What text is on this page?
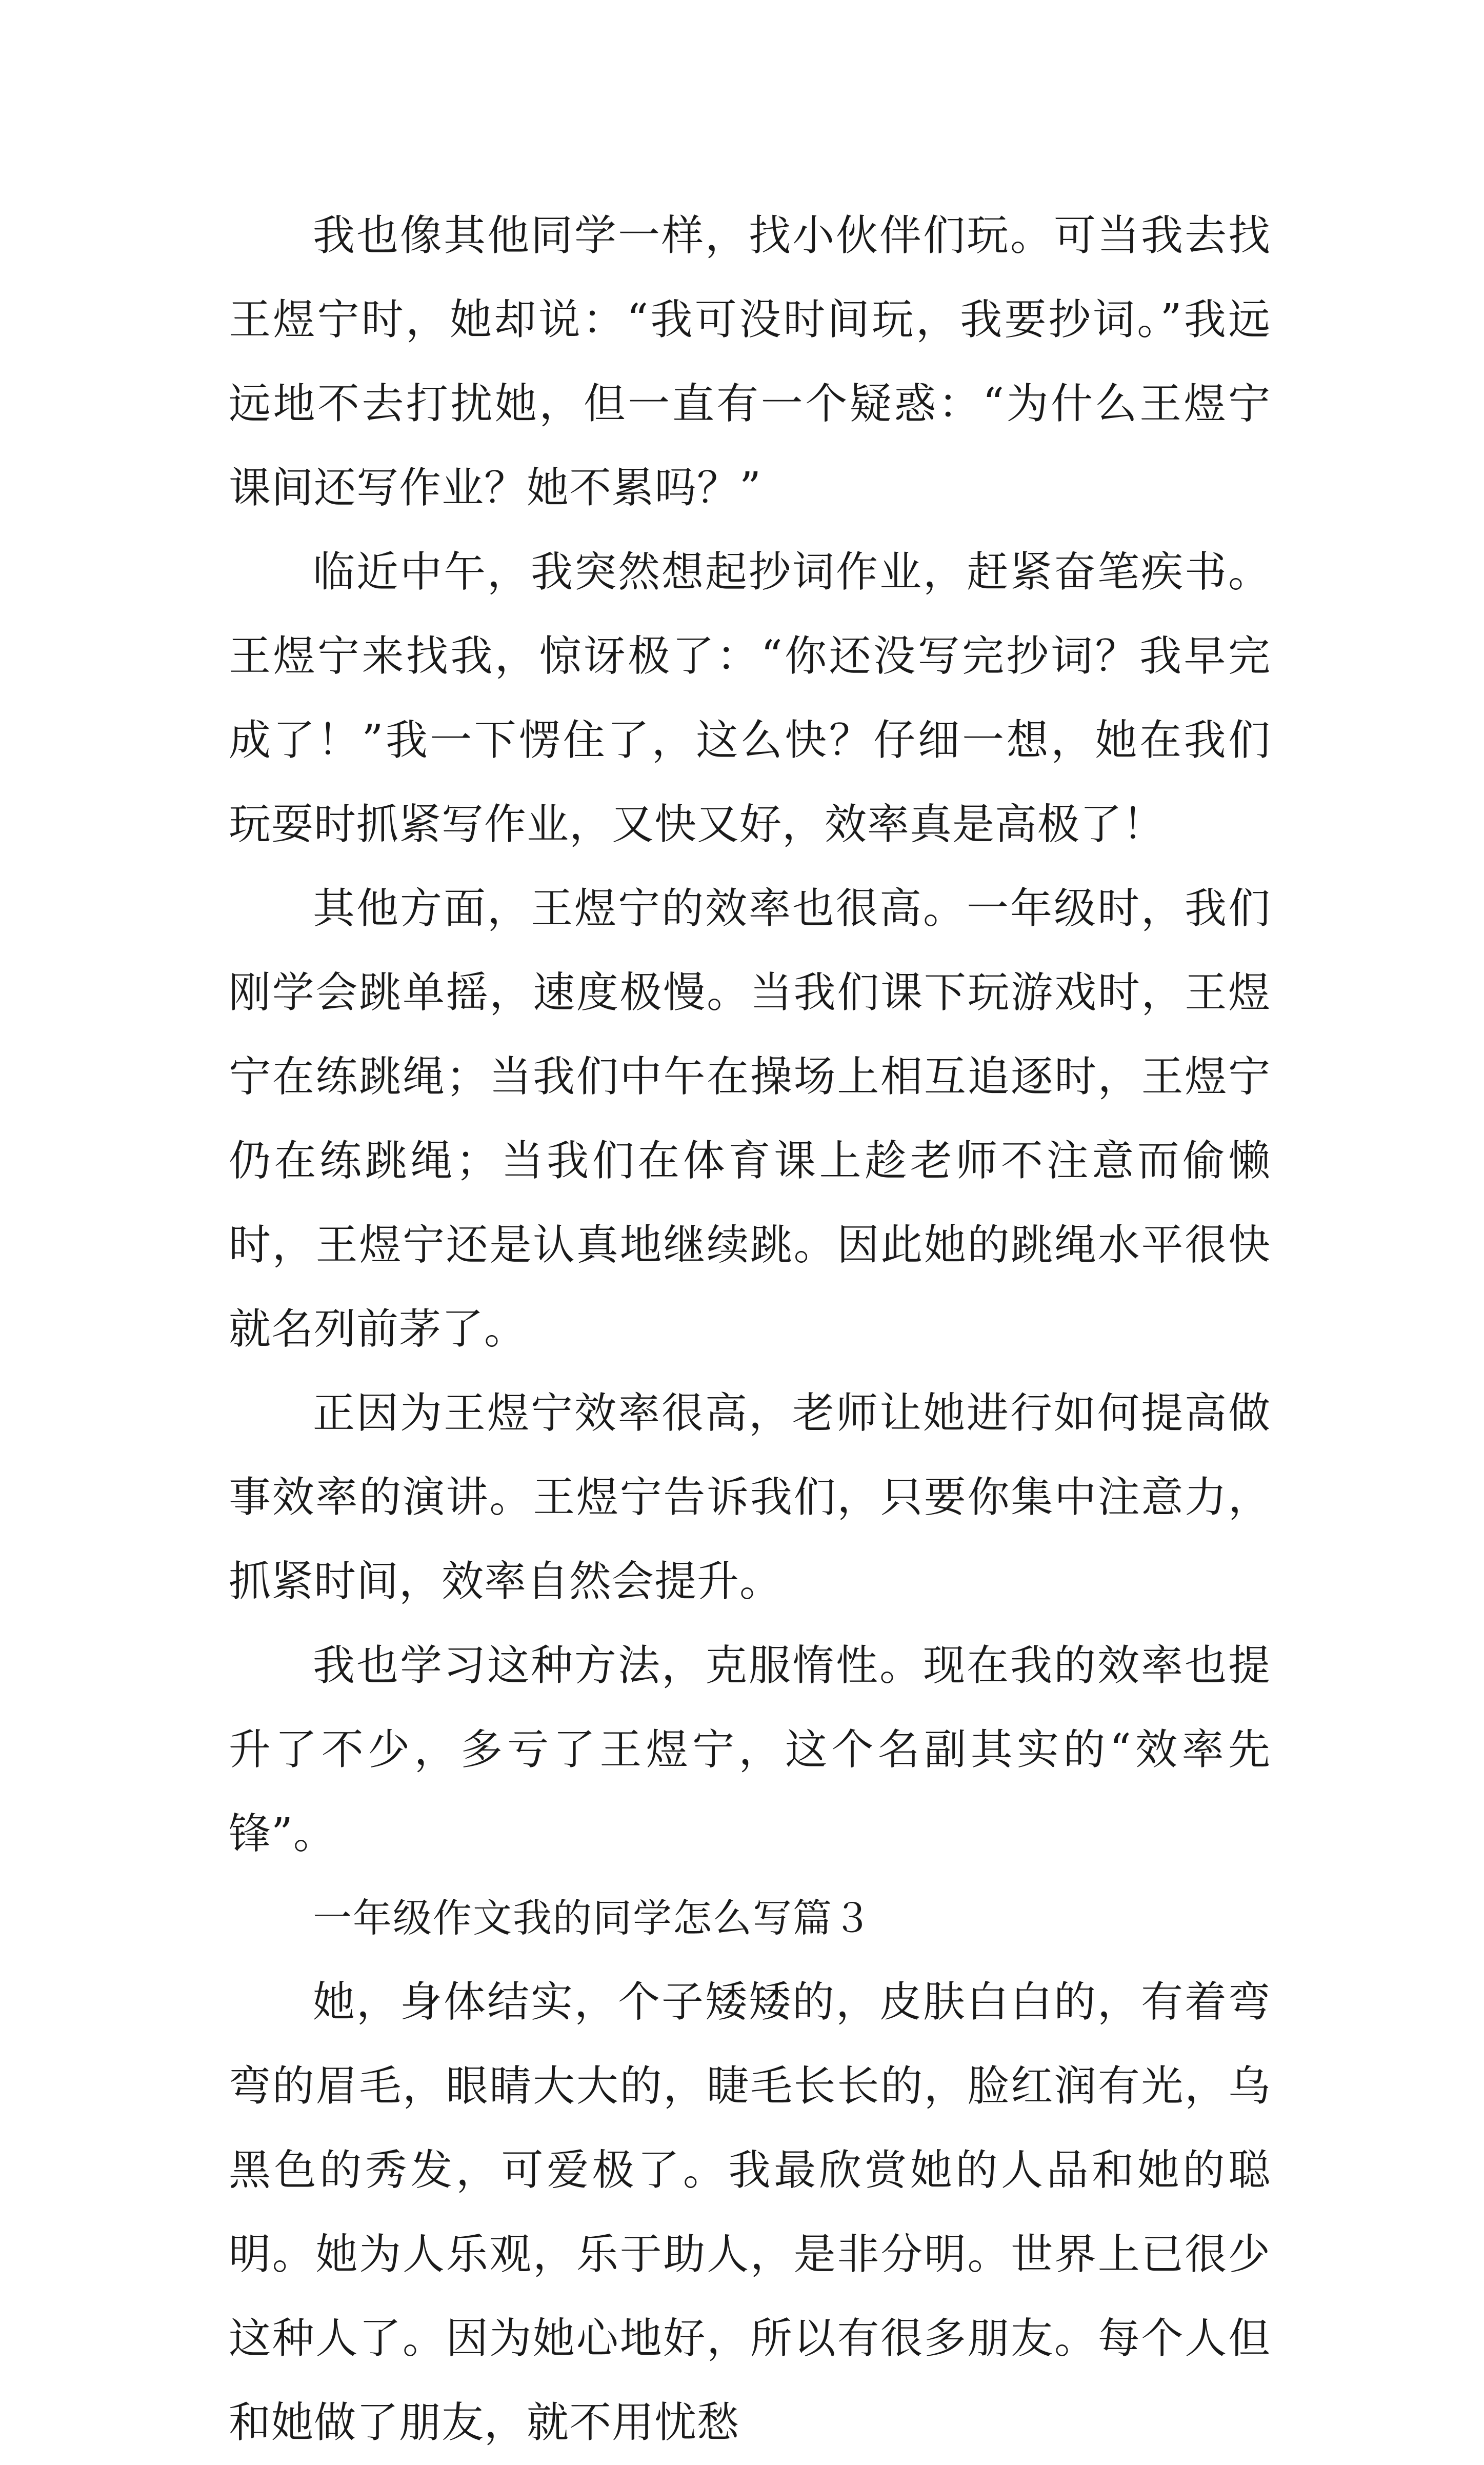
我也像其他同学一样，找小伙伴们玩。可当我去找王煜宁时，她却说：“我可没时间玩，我要抄词。”我远远地不去打扰她，但一直有一个疑惑：“为什么王煜宁课间还写作业？她不累吗？”

临近中午，我突然想起抄词作业，赶紧奋笔疾书。王煜宁来找我，惊讶极了：“你还没写完抄词？我早完成了！”我一下愣住了，这么快？仔细一想，她在我们玩耍时抓紧写作业，又快又好，效率真是高极了！

其他方面，王煜宁的效率也很高。一年级时，我们刚学会跳单摇，速度极慢。当我们课下玩游戏时，王煜宁在练跳绳；当我们中午在操场上相互追逐时，王煜宁仍在练跳绳；当我们在体育课上趁老师不注意而偷懒时，王煜宁还是认真地继续跳。因此她的跳绳水平很快就名列前茅了。

正因为王煜宁效率很高，老师让她进行如何提高做事效率的演讲。王煜宁告诉我们，只要你集中注意力，抓紧时间，效率自然会提升。

我也学习这种方法，克服惰性。现在我的效率也提升了不少，多亏了王煜宁，这个名副其实的“效率先锋”。

一年级作文我的同学怎么写篇３

她，身体结实，个子矮矮的，皮肤白白的，有着弯弯的眉毛，眼睛大大的，睫毛长长的，脸红润有光，乌黑色的秀发，可爱极了。我最欣赏她的人品和她的聪明。她为人乐观，乐于助人，是非分明。世界上已很少这种人了。因为她心地好，所以有很多朋友。每个人但和她做了朋友，就不用忧愁
